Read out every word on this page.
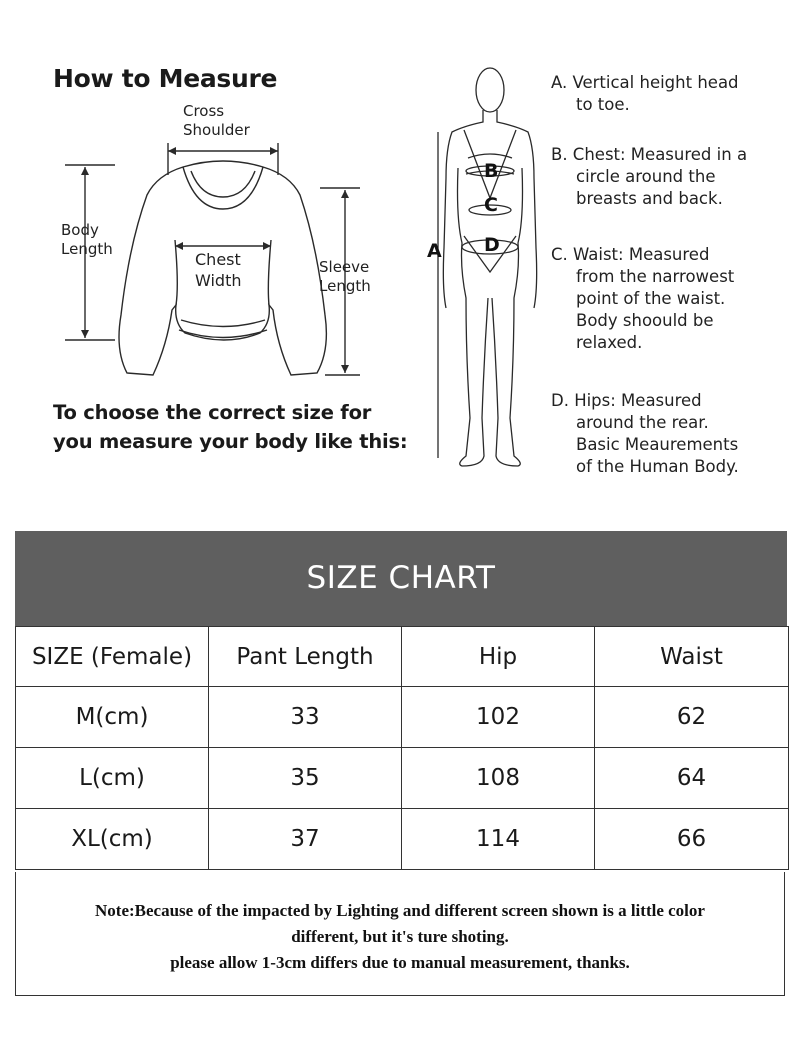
How to Measure
Cross
Shoulder
Body
Length
Chest
Width
Sleeve
Length
To choose the correct size for
you measure your body like this:
A
B
C
D
A. Vertical height head
to toe.
B. Chest: Measured in a
circle around the
breasts and back.
C. Waist: Measured
from the narrowest
point of the waist.
Body shoould be
relaxed.
D. Hips: Measured
around the rear.
Basic Meaurements
of the Human Body.
SIZE CHART
SIZE (Female)	Pant Length	Hip	Waist
M(cm)	33	102	62
L(cm)	35	108	64
XL(cm)	37	114	66
Note:Because of the impacted by Lighting and different screen shown is a little color
different, but it's ture shoting.
please allow 1-3cm differs due to manual measurement, thanks.
